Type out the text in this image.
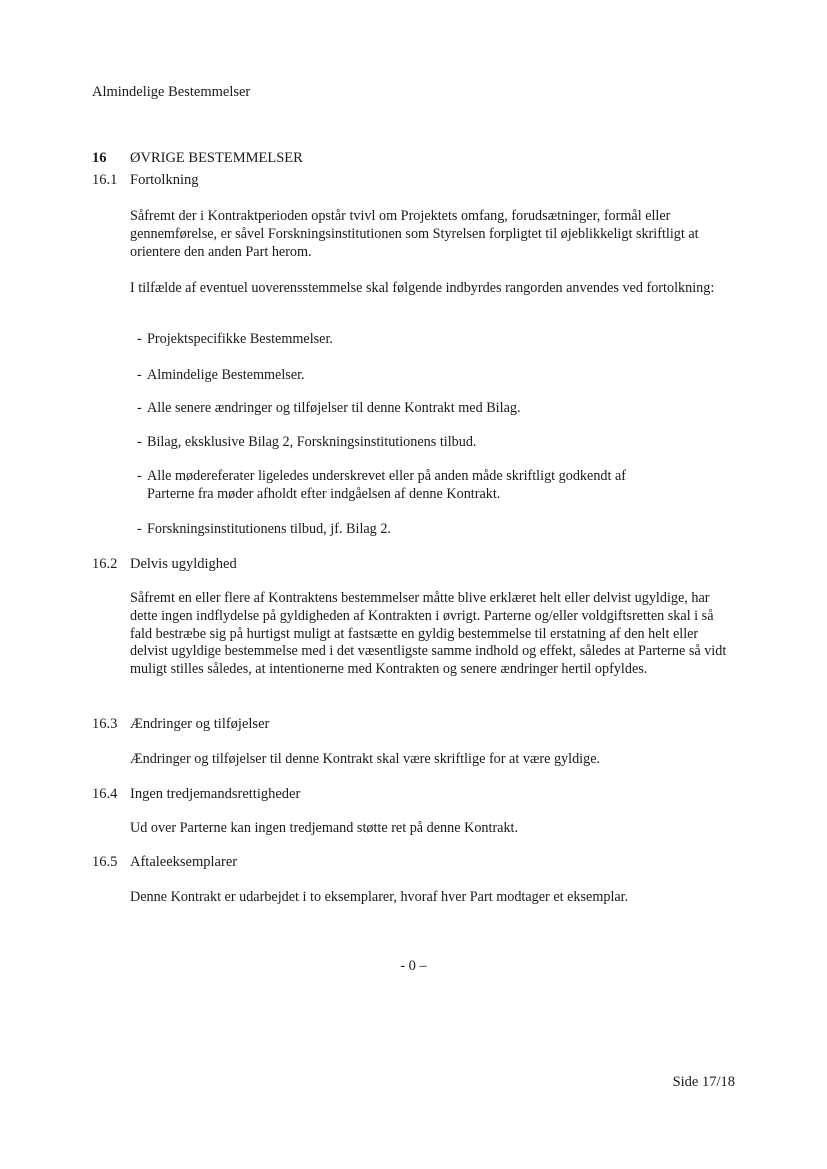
Almindelige Bestemmelser
16 ØVRIGE BESTEMMELSER
16.1 Fortolkning

Såfremt der i Kontraktperioden opstår tvivl om Projektets omfang, forudsætninger, formål eller gennemførelse, er såvel Forskningsinstitutionen som Styrelsen forpligtet til øjeblikkeligt skriftligt at orientere den anden Part herom.

I tilfælde af eventuel uoverensstemmelse skal følgende indbyrdes rangorden anvendes ved fortolkning:

- Projektspecifikke Bestemmelser.

- Almindelige Bestemmelser.

- Alle senere ændringer og tilføjelser til denne Kontrakt med Bilag.

- Bilag, eksklusive Bilag 2, Forskningsinstitutionens tilbud.

- Alle mødereferater ligeledes underskrevet eller på anden måde skriftligt godkendt af
Parterne fra møder afholdt efter indgåelsen af denne Kontrakt.

- Forskningsinstitutionens tilbud, jf. Bilag 2.

16.2 Delvis ugyldighed

Såfremt en eller flere af Kontraktens bestemmelser måtte blive erklæret helt eller delvist ugyldige, har dette ingen indflydelse på gyldigheden af Kontrakten i øvrigt. Parterne og/eller voldgiftsretten skal i så fald bestræbe sig på hurtigst muligt at fastsætte en gyldig bestemmelse til erstatning af den helt eller delvist ugyldige bestemmelse med i det væsentligste samme indhold og effekt, således at Parterne så vidt muligt stilles således, at intentionerne med Kontrakten og senere ændringer hertil opfyldes.

16.3 Ændringer og tilføjelser

Ændringer og tilføjelser til denne Kontrakt skal være skriftlige for at være gyldige.

16.4 Ingen tredjemandsrettigheder

Ud over Parterne kan ingen tredjemand støtte ret på denne Kontrakt.

16.5 Aftaleeksemplarer

Denne Kontrakt er udarbejdet i to eksemplarer, hvoraf hver Part modtager et eksemplar.

- 0 –
Side 17/18
